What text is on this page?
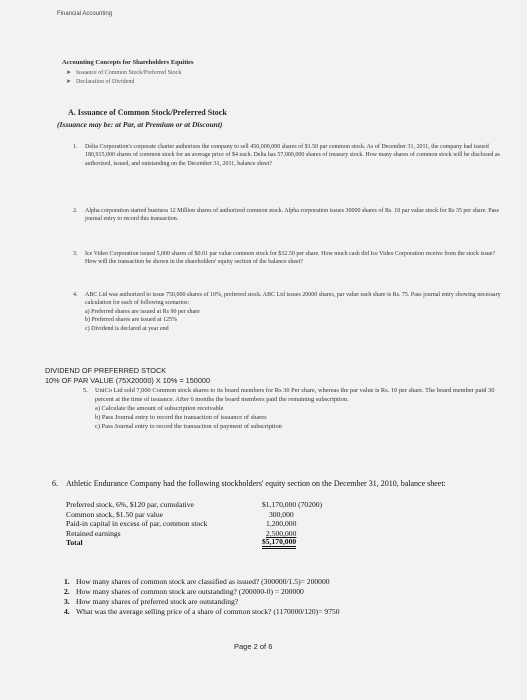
Financial Accounting
Accounting Concepts for Shareholders Equities
➤ Issuance of Common Stock/Preferred Stock
➤ Declaration of Dividend
A. Issuance of Common Stock/Preferred Stock
(Issuance may be: at Par, at Premium or at Discount)
1. Delta Corporation's corporate charter authorizes the company to sell 450,000,000 shares of $1.50 par common stock. As of December 31, 2011, the company had issued 180,915,000 shares of common stock for an average price of $4 each. Delta has 57,000,000 shares of treasury stock. How many shares of common stock will be disclosed as authorized, issued, and outstanding on the December 31, 2011, balance sheet?

2. Alpha corporation started business 12 Million shares of authorized common stock. Alpha corporation issues 30000 shares of Rs. 10 par value stock for Rs 35 per share. Pass journal entry to record this transaction.

3. Ice Video Corporation issued 5,000 shares of $0.01 par value common stock for $32.50 per share. How much cash did Ice Video Corporation receive from the stock issue? How will the transaction be shown in the shareholders' equity section of the balance sheet?

4. ABC Ltd was authorized to issue 750,000 shares of 10%, preferred stock. ABC Ltd issues 20000 shares, par value each share is Rs. 75. Pass journal entry showing necessary calculation for each of following scenarios:

a) Preferred shares are issued at Rs 90 per share

b) Preferred shares are issued at 125%

c) Dividend is declared at year end

DIVIDEND OF PREFERRED STOCK
10% OF PAR VALUE (75X20000) X 10% = 150000
5. UniCo Ltd sold 7,000 Common stock shares to its board members for Rs 30 Per share, whereas the par value is Rs. 10 per share. The board member paid 30 percent at the time of issuance. After 6 months the board members paid the remaining subscription.

a) Calculate the amount of subscription receivable

b) Pass Journal entry to record the transaction of issuance of shares

c) Pass Journal entry to record the transaction of payment of subscription

6. Athletic Endurance Company had the following stockholders' equity section on the December 31, 2010, balance sheet:

Preferred stock, 6%, $120 par, cumulative	$1,170,000 (70200)
Common stock, $1.50 par value	300,000
Paid-in capital in excess of par, common stock	1,200,000
Retained earnings	2,500,000
Total	$5,170,000
1. How many shares of common stock are classified as issued? (300000/1.5)= 200000
2. How many shares of common stock are outstanding? (200000-0) = 200000
3. How many shares of preferred stock are outstanding?
4. What was the average selling price of a share of common stock? (1170000/120)= 9750
Page 2 of 6
